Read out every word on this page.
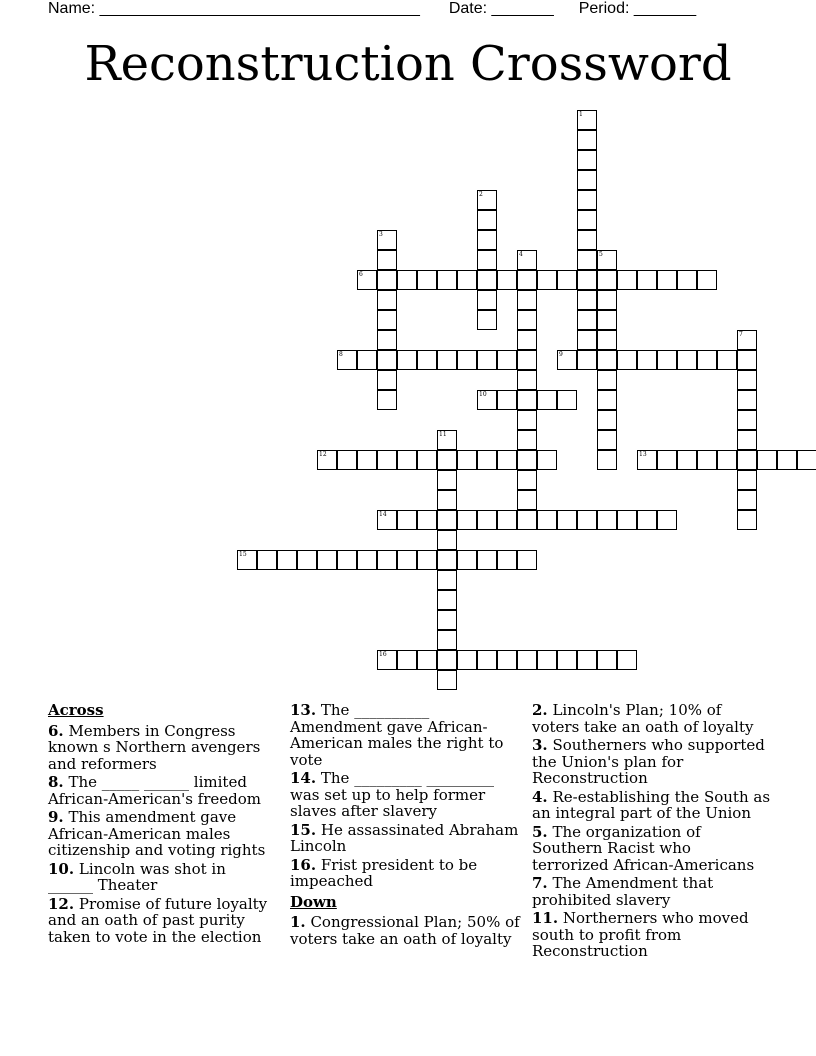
Name: ____________________________________ Date: _______ Period: _______
Reconstruction Crossword
1
2
3
4	5
6
7
8	9
10
11
12	13
14
15
16
Across
6. Members in Congress known s Northern avengers and reformers
8. The _____ ______ limited African-American's freedom
9. This amendment gave African-American males citizenship and voting rights
10. Lincoln was shot in ______ Theater
12. Promise of future loyalty and an oath of past purity taken to vote in the election
13. The __________ Amendment gave African-American males the right to vote
14. The _________ _________ was set up to help former slaves after slavery
15. He assassinated Abraham Lincoln
16. Frist president to be impeached
Down
1. Congressional Plan; 50% of voters take an oath of loyalty
2. Lincoln's Plan; 10% of voters take an oath of loyalty
3. Southerners who supported the Union's plan for Reconstruction
4. Re-establishing the South as an integral part of the Union
5. The organization of Southern Racist who terrorized African-Americans
7. The Amendment that prohibited slavery
11. Northerners who moved south to profit from Reconstruction
